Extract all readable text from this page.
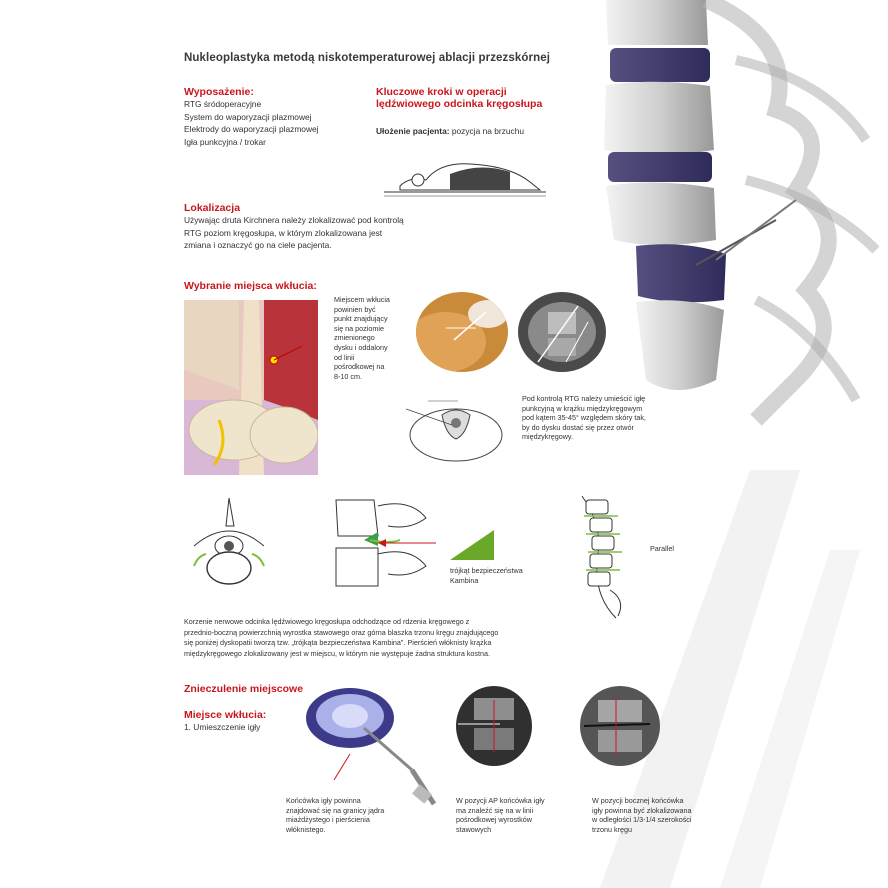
Nukleoplastyka metodą niskotemperaturowej ablacji przezskórnej
Wyposażenie:
RTG śródoperacyjne
System do waporyzacji plazmowej
Elektrody do waporyzacji plazmowej
Igła punkcyjna / trokar
Kluczowe kroki w operacji
lędźwiowego odcinka kręgosłupa
Ułożenie pacjenta: pozycja na brzuchu
Lokalizacja
Używając druta Kirchnera należy zlokalizować pod kontrolą
RTG poziom kręgosłupa, w którym zlokalizowana jest
zmiana i oznaczyć go na ciele pacjenta.
Wybranie miejsca wkłucia:
Miejscem wkłucia
powinien być
punkt znajdujący
się na poziomie
zmienionego
dysku i oddalony
od linii
pośrodkowej na
8-10 cm.
Pod kontrolą RTG należy umieścić igłę
punkcyjną w krążku międzykręgowym
pod kątem 35-45° względem skóry tak,
by do dysku dostać się przez otwór
międzykręgowy.
trójkąt bezpieczeństwa
Kambina
Parallel
Korzenie nerwowe odcinka lędźwiowego kręgosłupa odchodzące od rdzenia kręgowego z
przednio-boczną powierzchnią wyrostka stawowego oraz górna blaszka trzonu kręgu znajdującego
się poniżej dyskopatii tworzą tzw. „trójkąta bezpieczeństwa Kambina". Pierścień włóknisty krążka
międzykręgowego zlokalizowany jest w miejscu, w którym nie występuje żadna struktura kostna.
Znieczulenie miejscowe
Miejsce wkłucia:
1. Umieszczenie igły
Końcówka igły powinna
znajdować się na granicy jądra
miażdżystego i pierścienia
włóknistego.
W pozycji AP końcówka igły
ma znaleźć się na w linii
pośrodkowej wyrostków
stawowych
W pozycji bocznej końcówka
igły powinna być zlokalizowana
w odległości 1/3-1/4 szerokości
trzonu kręgu
